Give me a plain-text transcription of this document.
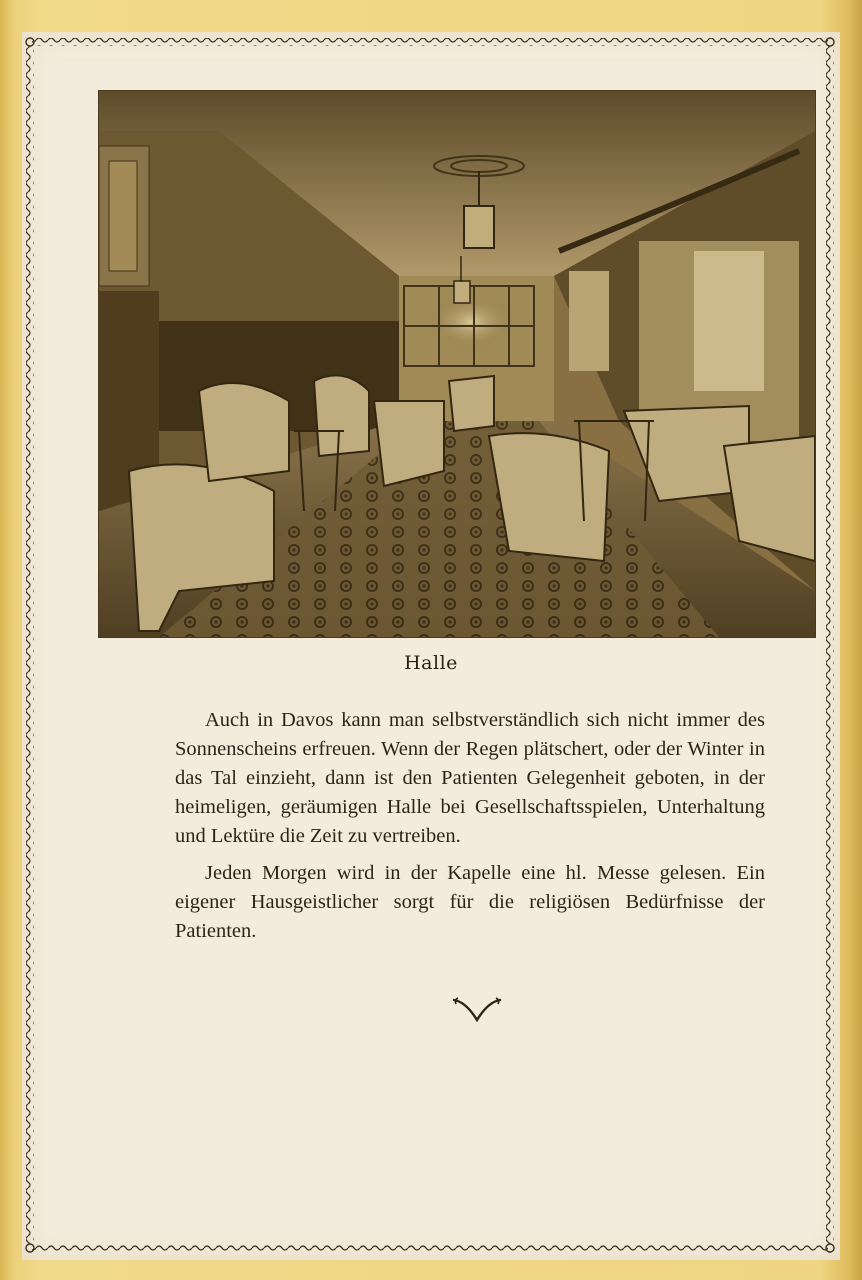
Halle

Auch in Davos kann man selbstverständlich sich nicht immer des Sonnenscheins erfreuen. Wenn der Regen plätschert, oder der Winter in das Tal einzieht, dann ist den Patienten Gelegenheit geboten, in der heimeligen, geräumigen Halle bei Gesellschaftsspielen, Unterhaltung und Lektüre die Zeit zu vertreiben.

Jeden Morgen wird in der Kapelle eine hl. Messe gelesen. Ein eigener Hausgeistlicher sorgt für die religiösen Bedürfnisse der Patienten.
